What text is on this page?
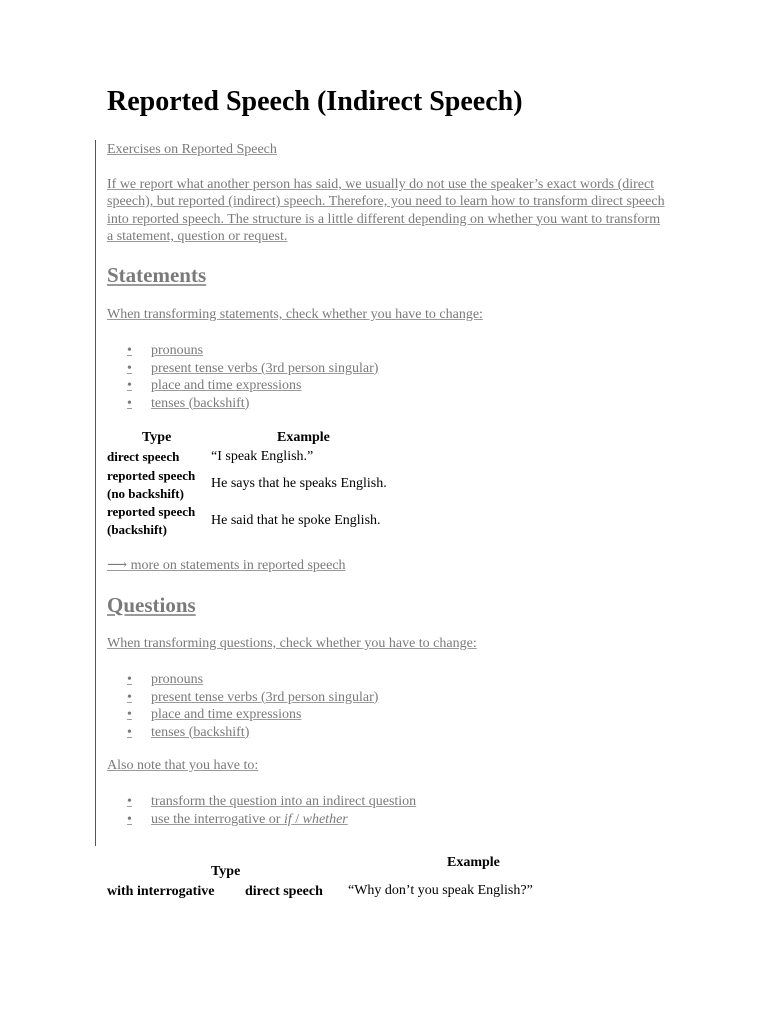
Reported Speech (Indirect Speech)
Exercises on Reported Speech
If we report what another person has said, we usually do not use the speaker’s exact words (direct speech), but reported (indirect) speech. Therefore, you need to learn how to transform direct speech into reported speech. The structure is a little different depending on whether you want to transform a statement, question or request.
Statements
When transforming statements, check whether you have to change:
• pronouns
• present tense verbs (3rd person singular)
• place and time expressions
• tenses (backshift)
Type	Example
direct speech “I speak English.”
reported speech
(no backshift)
He says that he speaks English.
reported speech
(backshift)
He said that he spoke English.
⟶ more on statements in reported speech
Questions
When transforming questions, check whether you have to change:
• pronouns
• present tense verbs (3rd person singular)
• place and time expressions
• tenses (backshift)
Also note that you have to:
• transform the question into an indirect question
• use the interrogative or if / whether
Example
Type
with interrogative direct speech “Why don’t you speak English?”
